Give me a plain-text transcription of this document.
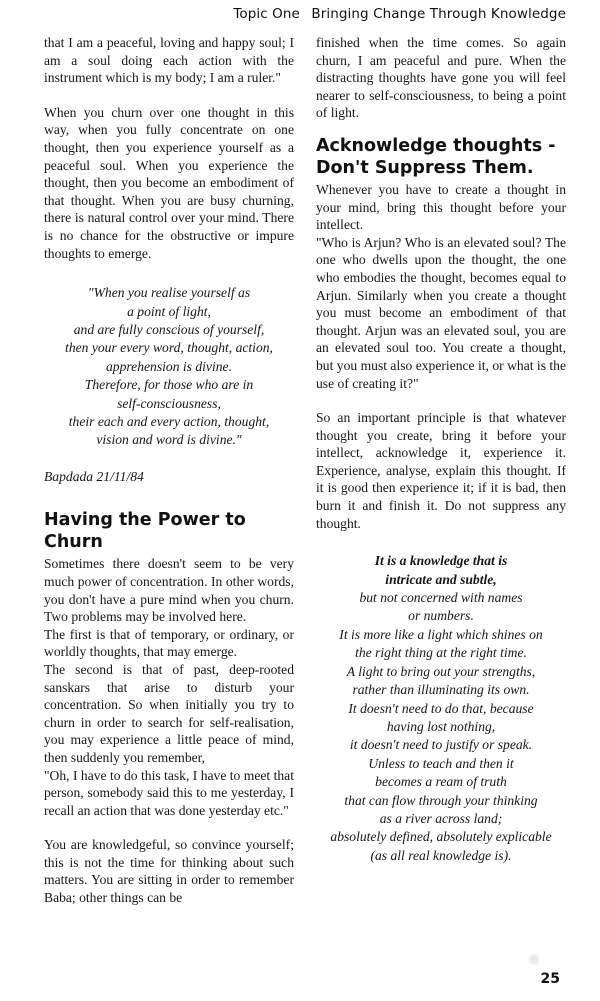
Topic One Bringing Change Through Knowledge

that I am a peaceful, loving and happy soul; I am a soul doing each action with the instrument which is my body; I am a ruler."

When you churn over one thought in this way, when you fully concentrate on one thought, then you experience yourself as a peaceful soul. When you experience the thought, then you become an embodiment of that thought. When you are busy churning, there is natural control over your mind. There is no chance for the obstructive or impure thoughts to emerge.

"When you realise yourself as
a point of light,
and are fully conscious of yourself,
then your every word, thought, action,
apprehension is divine.
Therefore, for those who are in
self-consciousness,
their each and every action, thought,
vision and word is divine."

Bapdada 21/11/84

Having the Power to Churn

Sometimes there doesn't seem to be very much power of concentration. In other words, you don't have a pure mind when you churn. Two problems may be involved here.

The first is that of temporary, or ordinary, or worldly thoughts, that may emerge.

The second is that of past, deep-rooted sanskars that arise to disturb your concentration. So when initially you try to churn in order to search for self-realisation, you may experience a little peace of mind, then suddenly you remember,

"Oh, I have to do this task, I have to meet that person, somebody said this to me yesterday, I recall an action that was done yesterday etc."

You are knowledgeful, so convince yourself; this is not the time for thinking about such matters. You are sitting in order to remember Baba; other things can be

finished when the time comes. So again churn, I am peaceful and pure. When the distracting thoughts have gone you will feel nearer to self-consciousness, to being a point of light.

Acknowledge thoughts -
Don't Suppress Them.

Whenever you have to create a thought in your mind, bring this thought before your intellect.

"Who is Arjun? Who is an elevated soul? The one who dwells upon the thought, the one who embodies the thought, becomes equal to Arjun. Similarly when you create a thought you must become an embodiment of that thought. Arjun was an elevated soul, you are an elevated soul too. You create a thought, but you must also experience it, or what is the use of creating it?"

So an important principle is that whatever thought you create, bring it before your intellect, acknowledge it, experience it. Experience, analyse, explain this thought. If it is good then experience it; if it is bad, then burn it and finish it. Do not suppress any thought.

It is a knowledge that is
intricate and subtle,
but not concerned with names
or numbers.
It is more like a light which shines on
the right thing at the right time.
A light to bring out your strengths,
rather than illuminating its own.
It doesn't need to do that, because
having lost nothing,
it doesn't need to justify or speak.
Unless to teach and then it
becomes a ream of truth
that can flow through your thinking
as a river across land;
absolutely defined, absolutely explicable
(as all real knowledge is).
25
